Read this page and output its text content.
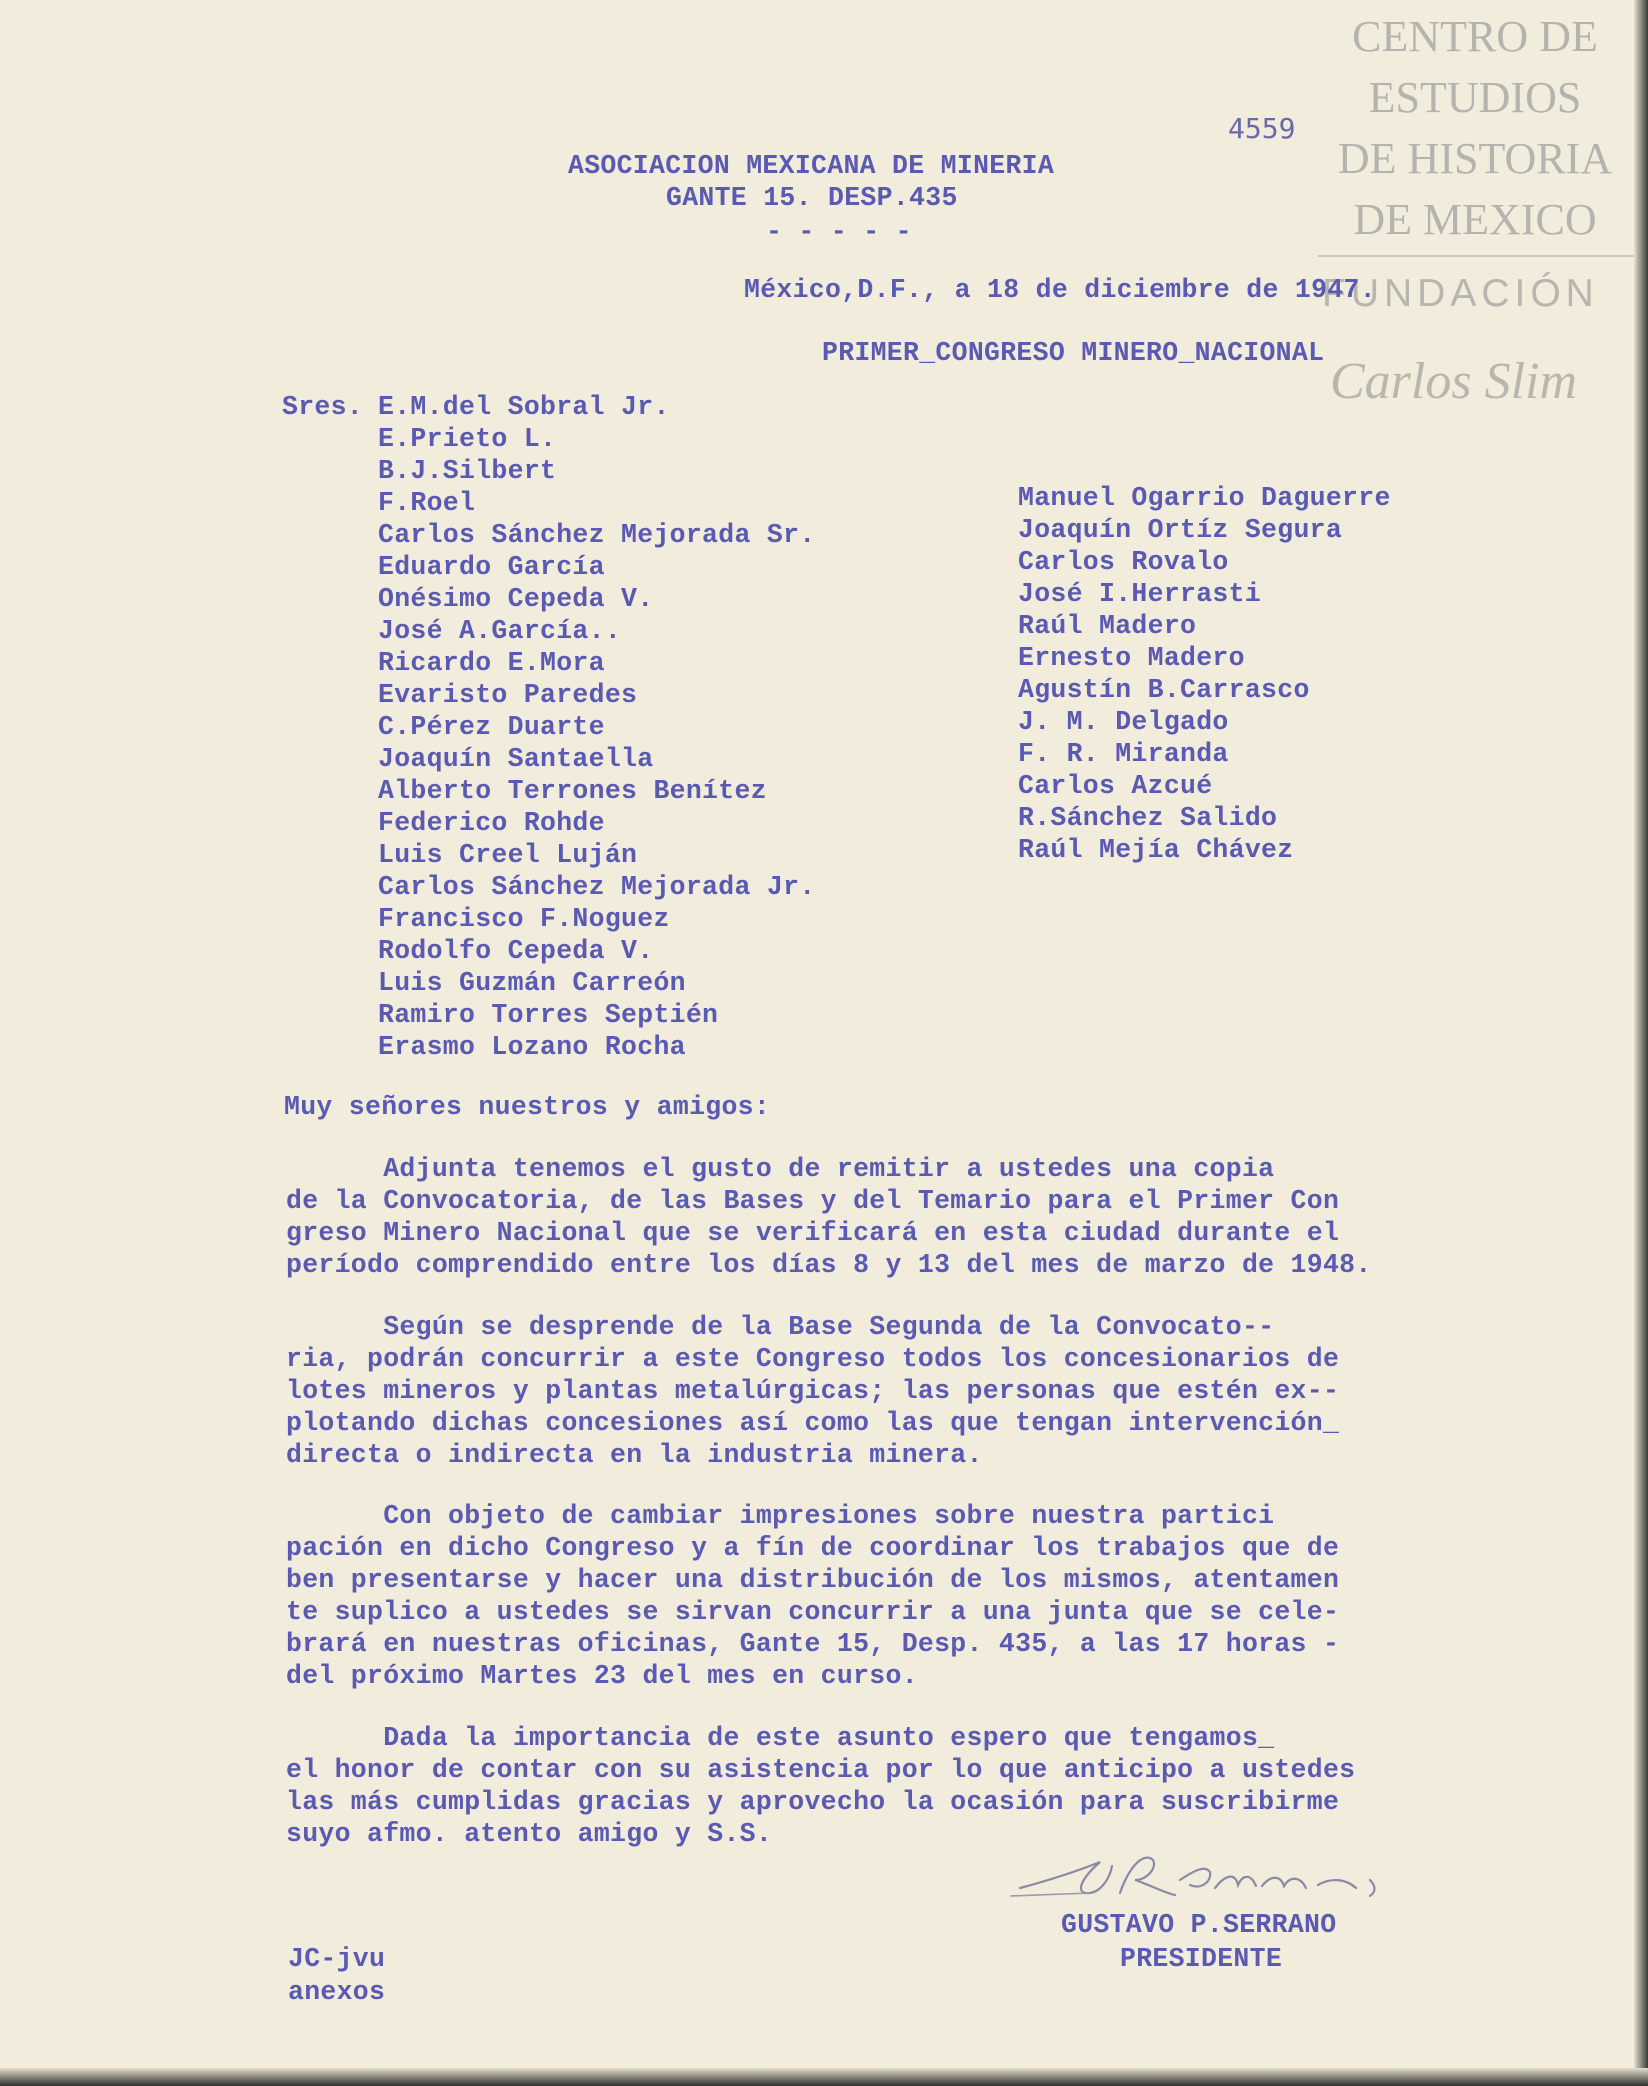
CENTRO DE

ESTUDIOS

DE HISTORIA

DE MEXICO

FUNDACIÓN

Carlos Slim

4559

ASOCIACION MEXICANA DE MINERIA

GANTE 15. DESP.435

- - - - -

México,D.F., a 18 de diciembre de 1947.

PRIMER_CONGRESO MINERO_NACIONAL

Sres. E.M.del Sobral Jr.

E.Prieto L.

B.J.Silbert

F.Roel

Carlos Sánchez Mejorada Sr.

Eduardo García

Onésimo Cepeda V.

José A.García..

Ricardo E.Mora

Evaristo Paredes

C.Pérez Duarte

Joaquín Santaella

Alberto Terrones Benítez

Federico Rohde

Luis Creel Luján

Carlos Sánchez Mejorada Jr.

Francisco F.Noguez

Rodolfo Cepeda V.

Luis Guzmán Carreón

Ramiro Torres Septién

Erasmo Lozano Rocha

Manuel Ogarrio Daguerre

Joaquín Ortíz Segura

Carlos Rovalo

José I.Herrasti

Raúl Madero

Ernesto Madero

Agustín B.Carrasco

J. M. Delgado

F. R. Miranda

Carlos Azcué

R.Sánchez Salido

Raúl Mejía Chávez

Muy señores nuestros y amigos:

Adjunta tenemos el gusto de remitir a ustedes una copia

de la Convocatoria, de las Bases y del Temario para el Primer Con

greso Minero Nacional que se verificará en esta ciudad durante el

período comprendido entre los días 8 y 13 del mes de marzo de 1948.

Según se desprende de la Base Segunda de la Convocato--

ria, podrán concurrir a este Congreso todos los concesionarios de

lotes mineros y plantas metalúrgicas; las personas que estén ex--

plotando dichas concesiones así como las que tengan intervención_

directa o indirecta en la industria minera.

Con objeto de cambiar impresiones sobre nuestra partici

pación en dicho Congreso y a fín de coordinar los trabajos que de

ben presentarse y hacer una distribución de los mismos, atentamen

te suplico a ustedes se sirvan concurrir a una junta que se cele-

brará en nuestras oficinas, Gante 15, Desp. 435, a las 17 horas -

del próximo Martes 23 del mes en curso.

Dada la importancia de este asunto espero que tengamos_

el honor de contar con su asistencia por lo que anticipo a ustedes

las más cumplidas gracias y aprovecho la ocasión para suscribirme

suyo afmo. atento amigo y S.S.

GUSTAVO P.SERRANO

PRESIDENTE

JC-jvu

anexos
